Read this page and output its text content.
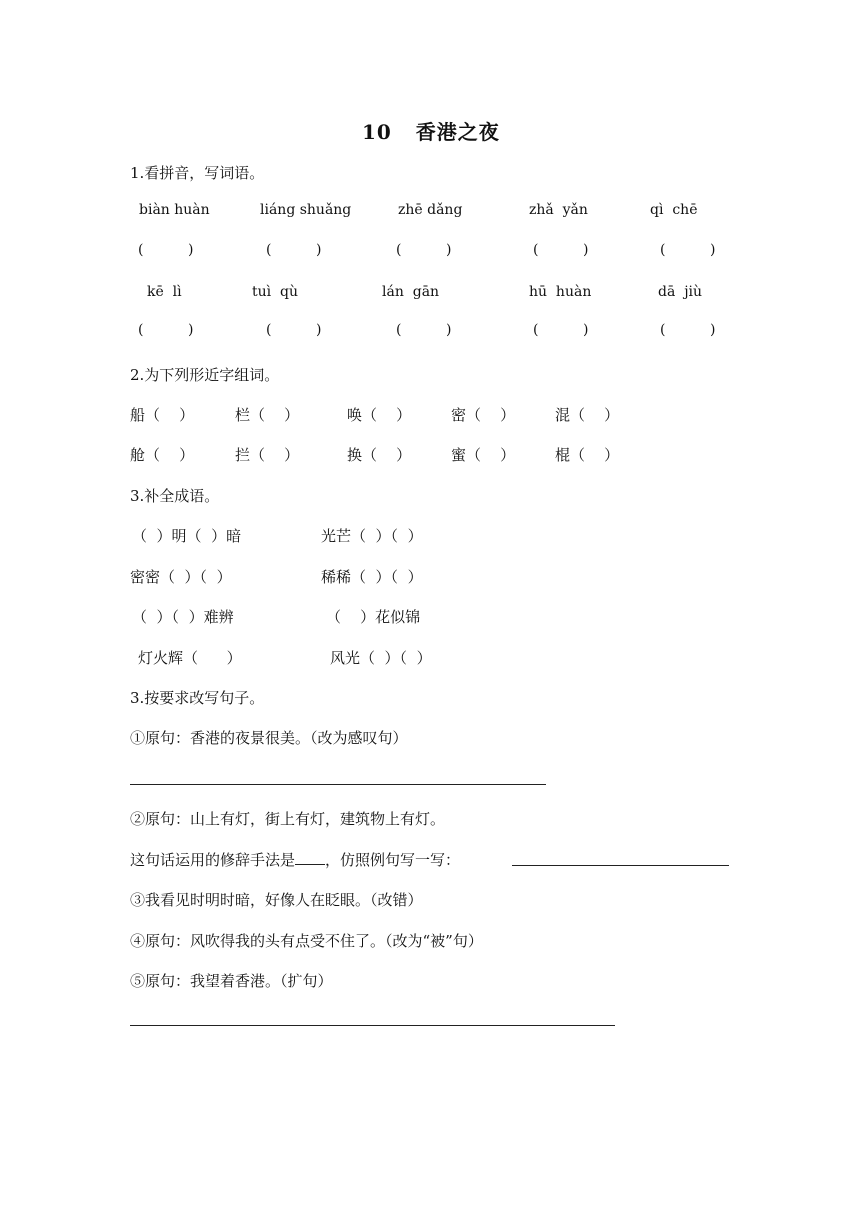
10   香港之夜
1.看拼音，写词语。
biàn huàn	liáng shuǎng	zhē dǎng	zhǎ  yǎn	qì  chē
(          )	(          )	(          )	(          )	(          )
kē  lì	tuì  qù	lán  gān	hū  huàn	dā  jiù
(          )	(          )	(          )	(          )	(          )
2.为下列形近字组词。
船（    ）	栏（    ）	唤（    ）	密（    ）	混（    ）
舱（    ）	拦（    ）	换（    ）	蜜（    ）	棍（    ）
3.补全成语。
（  ）明（  ）暗	光芒（  ）（  ）
密密（  ）（  ）	稀稀（  ）（  ）
（  ）（  ）难辨	（    ）花似锦
灯火辉（      ）	风光（  ）（  ）
3.按要求改写句子。
①原句：香港的夜景很美。（改为感叹句）
②原句：山上有灯，街上有灯，建筑物上有灯。
这句话运用的修辞手法是 ，仿照例句写一写：
③我看见时明时暗，好像人在眨眼。（改错）
④原句：风吹得我的头有点受不住了。（改为“被”句）
⑤原句：我望着香港。（扩句）
